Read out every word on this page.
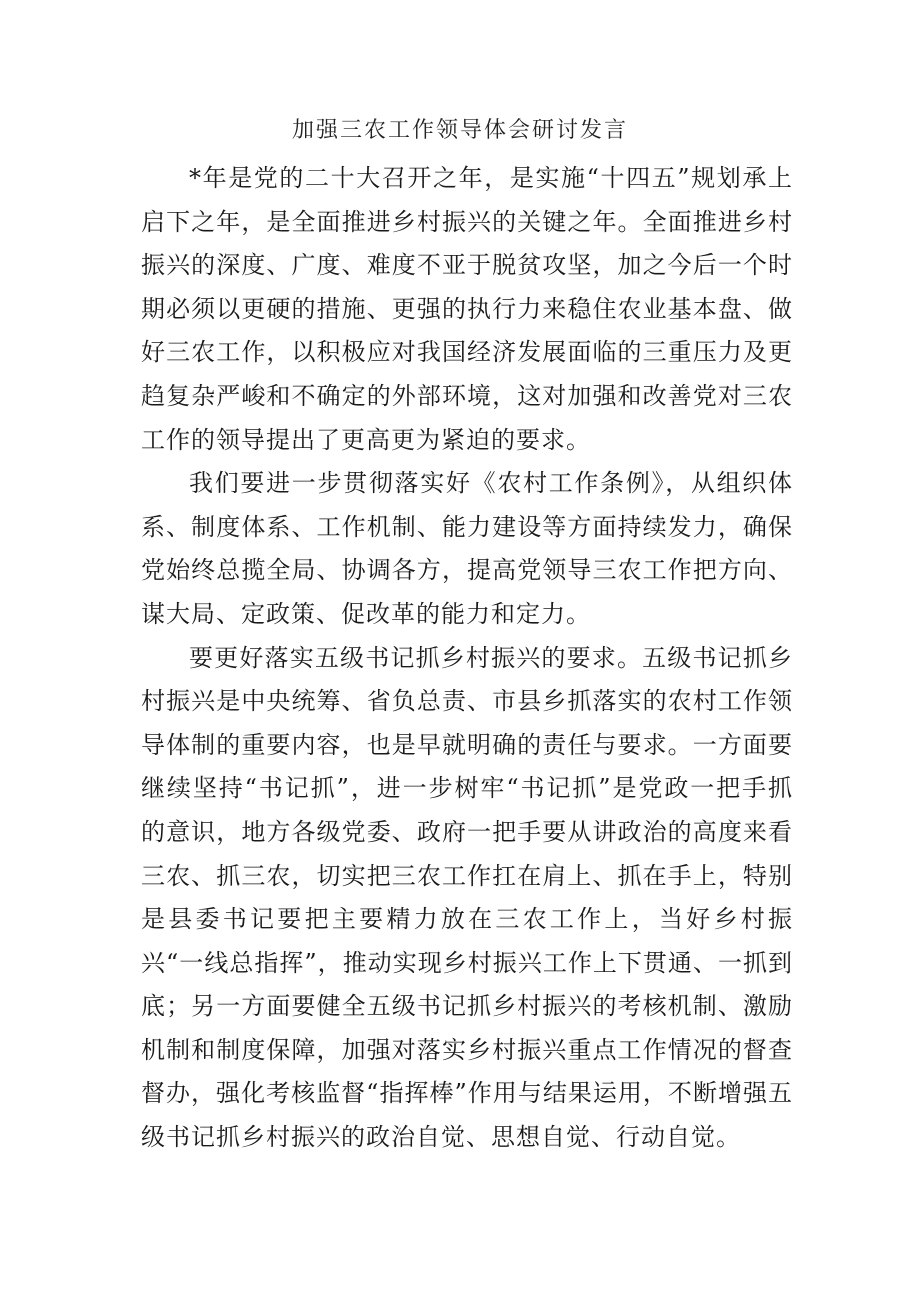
加强三农工作领导体会研讨发言

*年是党的二十大召开之年，是实施“十四五”规划承上启下之年，是全面推进乡村振兴的关键之年。全面推进乡村振兴的深度、广度、难度不亚于脱贫攻坚，加之今后一个时期必须以更硬的措施、更强的执行力来稳住农业基本盘、做好三农工作，以积极应对我国经济发展面临的三重压力及更趋复杂严峻和不确定的外部环境，这对加强和改善党对三农工作的领导提出了更高更为紧迫的要求。

我们要进一步贯彻落实好《农村工作条例》，从组织体系、制度体系、工作机制、能力建设等方面持续发力，确保党始终总揽全局、协调各方，提高党领导三农工作把方向、谋大局、定政策、促改革的能力和定力。

要更好落实五级书记抓乡村振兴的要求。五级书记抓乡村振兴是中央统筹、省负总责、市县乡抓落实的农村工作领导体制的重要内容，也是早就明确的责任与要求。一方面要继续坚持“书记抓”，进一步树牢“书记抓”是党政一把手抓的意识，地方各级党委、政府一把手要从讲政治的高度来看三农、抓三农，切实把三农工作扛在肩上、抓在手上，特别是县委书记要把主要精力放在三农工作上，当好乡村振兴“一线总指挥”，推动实现乡村振兴工作上下贯通、一抓到底；另一方面要健全五级书记抓乡村振兴的考核机制、激励机制和制度保障，加强对落实乡村振兴重点工作情况的督查督办，强化考核监督“指挥棒”作用与结果运用，不断增强五级书记抓乡村振兴的政治自觉、思想自觉、行动自觉。
